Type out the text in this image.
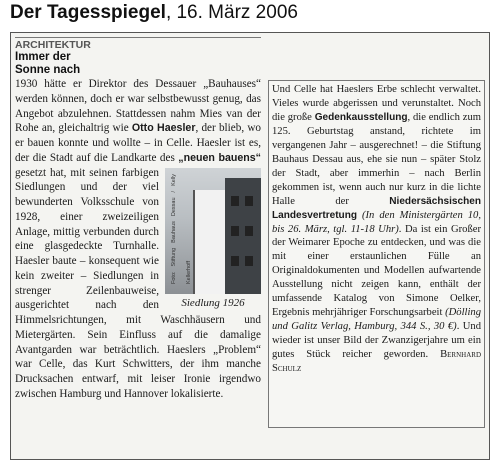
Der Tagesspiegel, 16. März 2006
ARCHITEKTUR
Immer der
Sonne nach

1930 hätte er Direktor des Dessauer „Bauhauses“ werden können, doch er war selbstbewusst genug, das Angebot abzulehnen. Stattdessen nahm Mies van der Rohe an, gleichaltrig wie Otto Haesler, der blieb, wo er bauen konnte und wollte – in Celle. Haesler ist es, der die Stadt auf die Landkarte des „neuen bauens“
Foto: Stiftung Bauhaus Dessau / Kelly Kellerhoff
Siedlung 1926
gesetzt hat, mit seinen farbigen Siedlungen und der viel bewunderten Volksschule von 1928, einer zweizeiligen Anlage, mittig verbunden durch eine glasgedeckte Turnhalle. Haesler baute – konsequent wie kein zweiter – Siedlungen in strenger Zeilenbauweise, ausgerichtet nach den Himmelsrichtungen, mit Waschhäusern und Mietergärten. Sein Einfluss auf die damalige Avantgarden war beträchtlich. Haeslers „Problem“ war Celle, das Kurt Schwitters, der ihm manche Drucksachen entwarf, mit leiser Ironie irgendwo zwischen Hamburg und Hannover lokalisierte.

Und Celle hat Haeslers Erbe schlecht verwaltet. Vieles wurde abgerissen und verunstaltet. Noch die große Gedenkausstellung, die endlich zum 125. Geburtstag anstand, richtete im vergangenen Jahr – ausgerechnet! – die Stiftung Bauhaus Dessau aus, ehe sie nun – später Stolz der Stadt, aber immerhin – nach Berlin gekommen ist, wenn auch nur kurz in die lichte Halle der Niedersächsischen Landesvertretung (In den Ministergärten 10, bis 26. März, tgl. 11-18 Uhr). Da ist ein Großer der Weimarer Epoche zu entdecken, und was die mit einer erstaunlichen Fülle an Originaldokumenten und Modellen aufwartende Ausstellung nicht zeigen kann, enthält der umfassende Katalog von Simone Oelker, Ergebnis mehrjähriger Forschungsarbeit (Dölling und Galitz Verlag, Hamburg, 344 S., 30 €). Und wieder ist unser Bild der Zwanzigerjahre um ein gutes Stück reicher geworden. Bernhard Schulz
